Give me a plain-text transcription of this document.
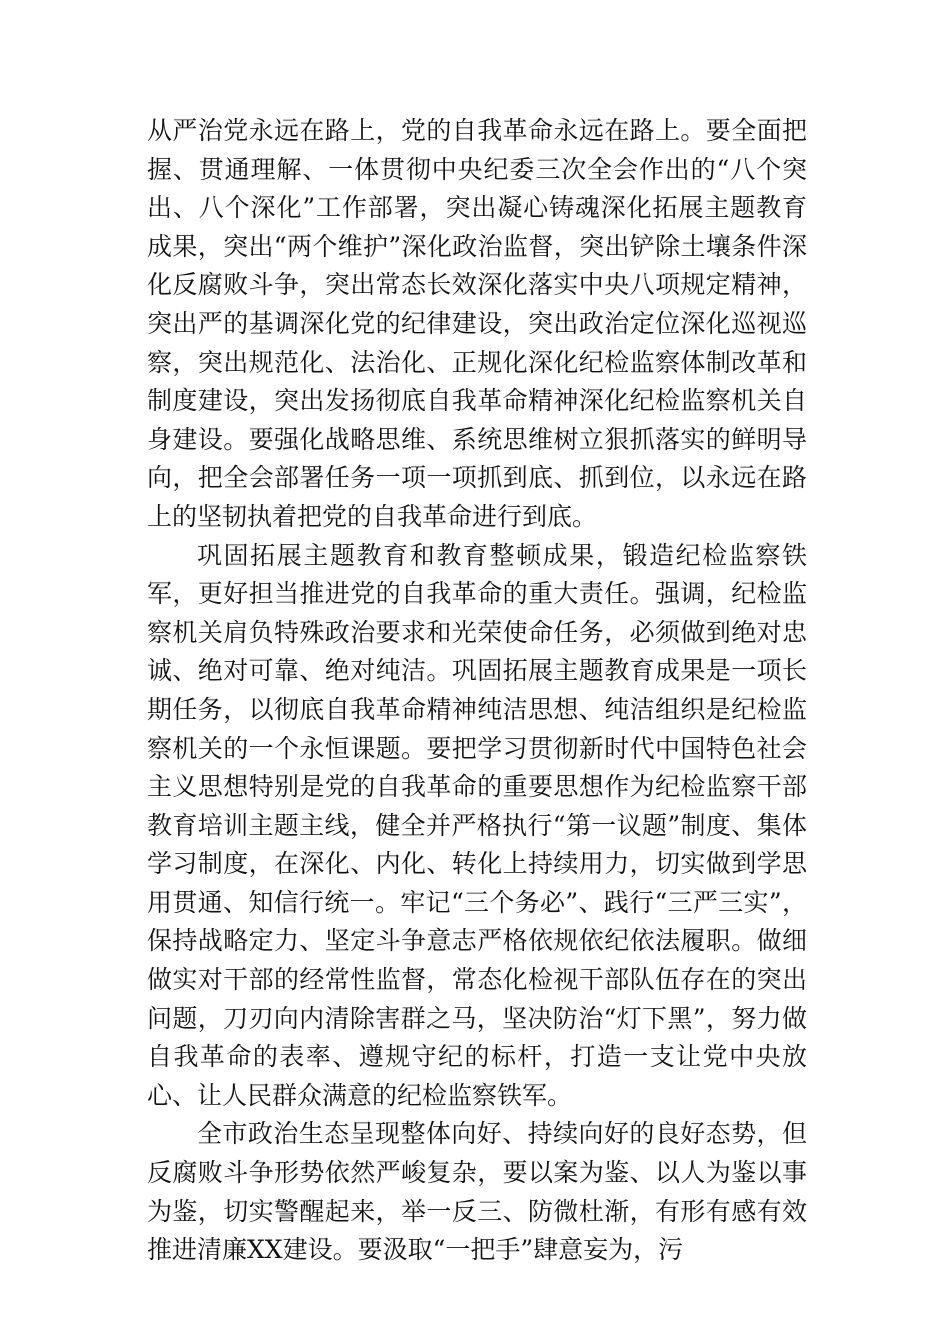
从严治党永远在路上，党的自我革命永远在路上。要全面把握、贯通理解、一体贯彻中央纪委三次全会作出的“八个突出、八个深化”工作部署，突出凝心铸魂深化拓展主题教育成果，突出“两个维护”深化政治监督，突出铲除土壤条件深化反腐败斗争，突出常态长效深化落实中央八项规定精神，突出严的基调深化党的纪律建设，突出政治定位深化巡视巡察，突出规范化、法治化、正规化深化纪检监察体制改革和制度建设，突出发扬彻底自我革命精神深化纪检监察机关自身建设。要强化战略思维、系统思维树立狠抓落实的鲜明导向，把全会部署任务一项一项抓到底、抓到位，以永远在路上的坚韧执着把党的自我革命进行到底。

巩固拓展主题教育和教育整顿成果，锻造纪检监察铁军，更好担当推进党的自我革命的重大责任。强调，纪检监察机关肩负特殊政治要求和光荣使命任务，必须做到绝对忠诚、绝对可靠、绝对纯洁。巩固拓展主题教育成果是一项长期任务，以彻底自我革命精神纯洁思想、纯洁组织是纪检监察机关的一个永恒课题。要把学习贯彻新时代中国特色社会主义思想特别是党的自我革命的重要思想作为纪检监察干部教育培训主题主线，健全并严格执行“第一议题”制度、集体学习制度，在深化、内化、转化上持续用力，切实做到学思用贯通、知信行统一。牢记“三个务必”、践行“三严三实”，保持战略定力、坚定斗争意志严格依规依纪依法履职。做细做实对干部的经常性监督，常态化检视干部队伍存在的突出问题，刀刃向内清除害群之马，坚决防治“灯下黑”，努力做自我革命的表率、遵规守纪的标杆，打造一支让党中央放心、让人民群众满意的纪检监察铁军。

全市政治生态呈现整体向好、持续向好的良好态势，但反腐败斗争形势依然严峻复杂，要以案为鉴、以人为鉴以事为鉴，切实警醒起来，举一反三、防微杜渐，有形有感有效推进清廉XX建设。要汲取“一把手”肆意妄为，污
